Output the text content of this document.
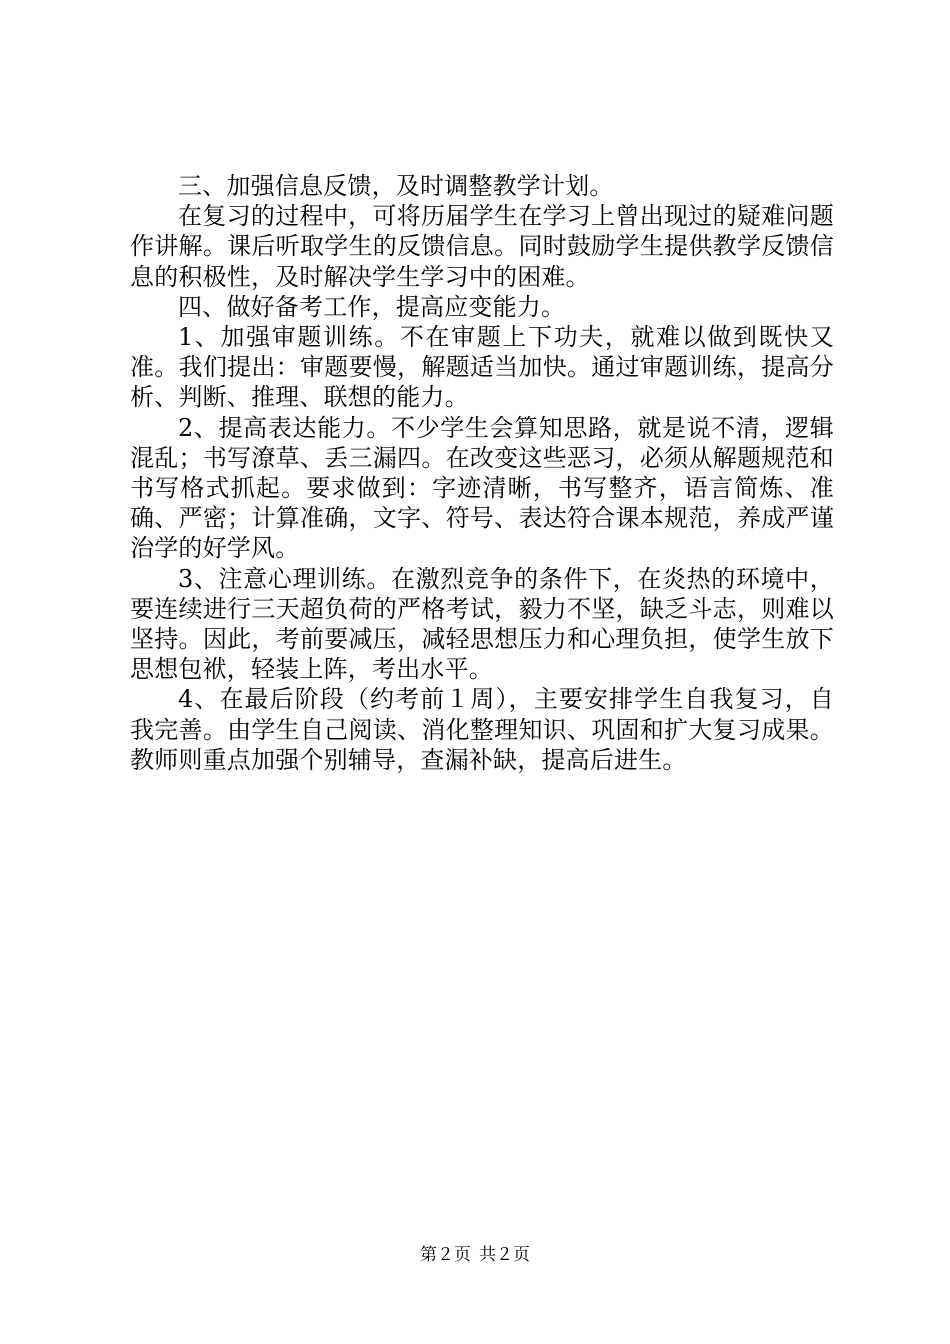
三、加强信息反馈，及时调整教学计划。

在复习的过程中，可将历届学生在学习上曾出现过的疑难问题作讲解。课后听取学生的反馈信息。同时鼓励学生提供教学反馈信息的积极性，及时解决学生学习中的困难。

四、做好备考工作，提高应变能力。

1、加强审题训练。不在审题上下功夫，就难以做到既快又准。我们提出：审题要慢，解题适当加快。通过审题训练，提高分析、判断、推理、联想的能力。

2、提高表达能力。不少学生会算知思路，就是说不清，逻辑混乱；书写潦草、丢三漏四。在改变这些恶习，必须从解题规范和书写格式抓起。要求做到：字迹清晰，书写整齐，语言简炼、准确、严密；计算准确，文字、符号、表达符合课本规范，养成严谨治学的好学风。

3、注意心理训练。在激烈竞争的条件下，在炎热的环境中，要连续进行三天超负荷的严格考试，毅力不坚，缺乏斗志，则难以坚持。因此，考前要减压，减轻思想压力和心理负担，使学生放下思想包袱，轻装上阵，考出水平。

4、在最后阶段（约考前１周），主要安排学生自我复习，自我完善。由学生自己阅读、消化整理知识、巩固和扩大复习成果。教师则重点加强个别辅导，查漏补缺，提高后进生。

第２页 共２页
